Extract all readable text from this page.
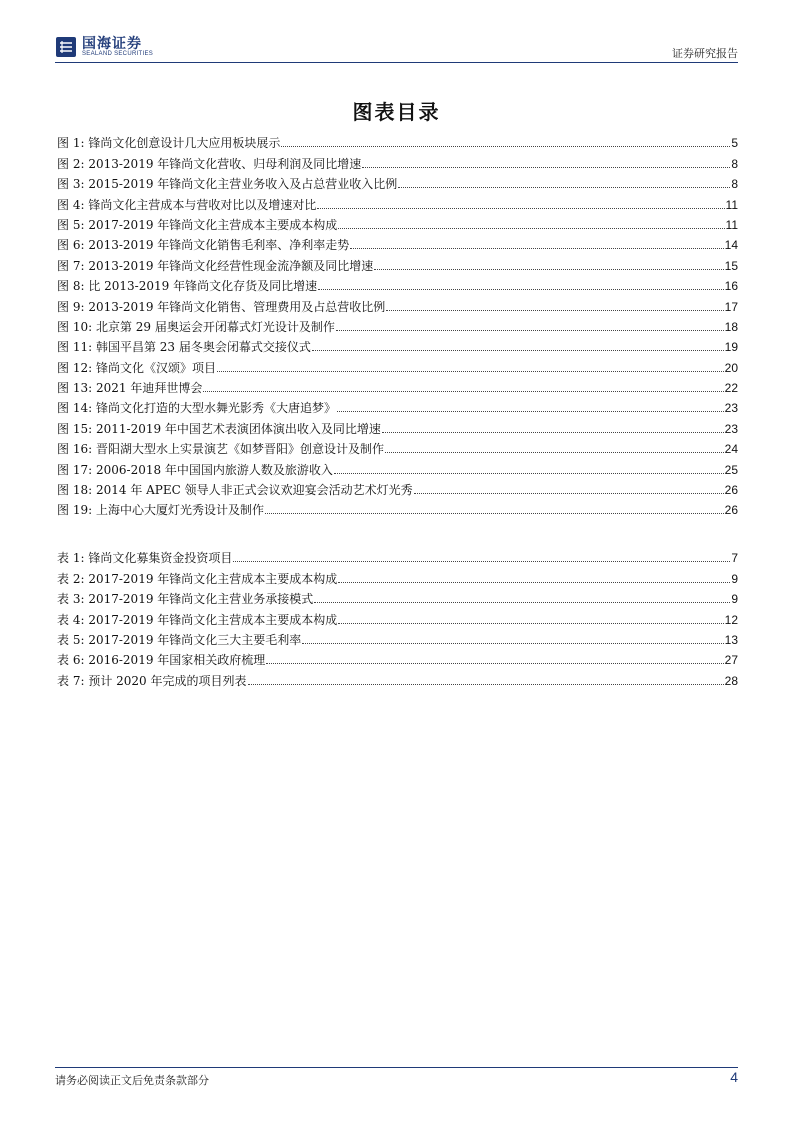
国海证券
SEALAND SECURITIES	证券研究报告
图表目录
图 1:
锋尚文化创意设计几大应用板块展示	5
图 2:
2013-2019 年锋尚文化营收、归母利润及同比增速	8
图 3:
2015-2019 年锋尚文化主营业务收入及占总营业收入比例	8
图 4:
锋尚文化主营成本与营收对比以及增速对比	11
图 5:
2017-2019 年锋尚文化主营成本主要成本构成	11
图 6:
2013-2019 年锋尚文化销售毛利率、净利率走势	14
图 7:
2013-2019 年锋尚文化经营性现金流净额及同比增速	15
图 8:
比 2013-2019 年锋尚文化存货及同比增速	16
图 9:
2013-2019 年锋尚文化销售、管理费用及占总营收比例	17
图 10:
北京第 29 届奥运会开闭幕式灯光设计及制作	18
图 11:
韩国平昌第 23 届冬奥会闭幕式交接仪式	19
图 12:
锋尚文化《汉颂》项目	20
图 13:
2021 年迪拜世博会	22
图 14:
锋尚文化打造的大型水舞光影秀《大唐追梦》	23
图 15:
2011-2019 年中国艺术表演团体演出收入及同比增速	23
图 16:
晋阳湖大型水上实景演艺《如梦晋阳》创意设计及制作	24
图 17:
2006-2018 年中国国内旅游人数及旅游收入	25
图 18:
2014 年 APEC 领导人非正式会议欢迎宴会活动艺术灯光秀	26
图 19:
上海中心大厦灯光秀设计及制作	26
表 1:
锋尚文化募集资金投资项目	7
表 2:
2017-2019 年锋尚文化主营成本主要成本构成	9
表 3:
2017-2019 年锋尚文化主营业务承接模式	9
表 4:
2017-2019 年锋尚文化主营成本主要成本构成	12
表 5:
2017-2019 年锋尚文化三大主要毛利率	13
表 6:
2016-2019 年国家相关政府梳理	27
表 7:
预计 2020 年完成的项目列表	28
请务必阅读正文后免责条款部分	4
